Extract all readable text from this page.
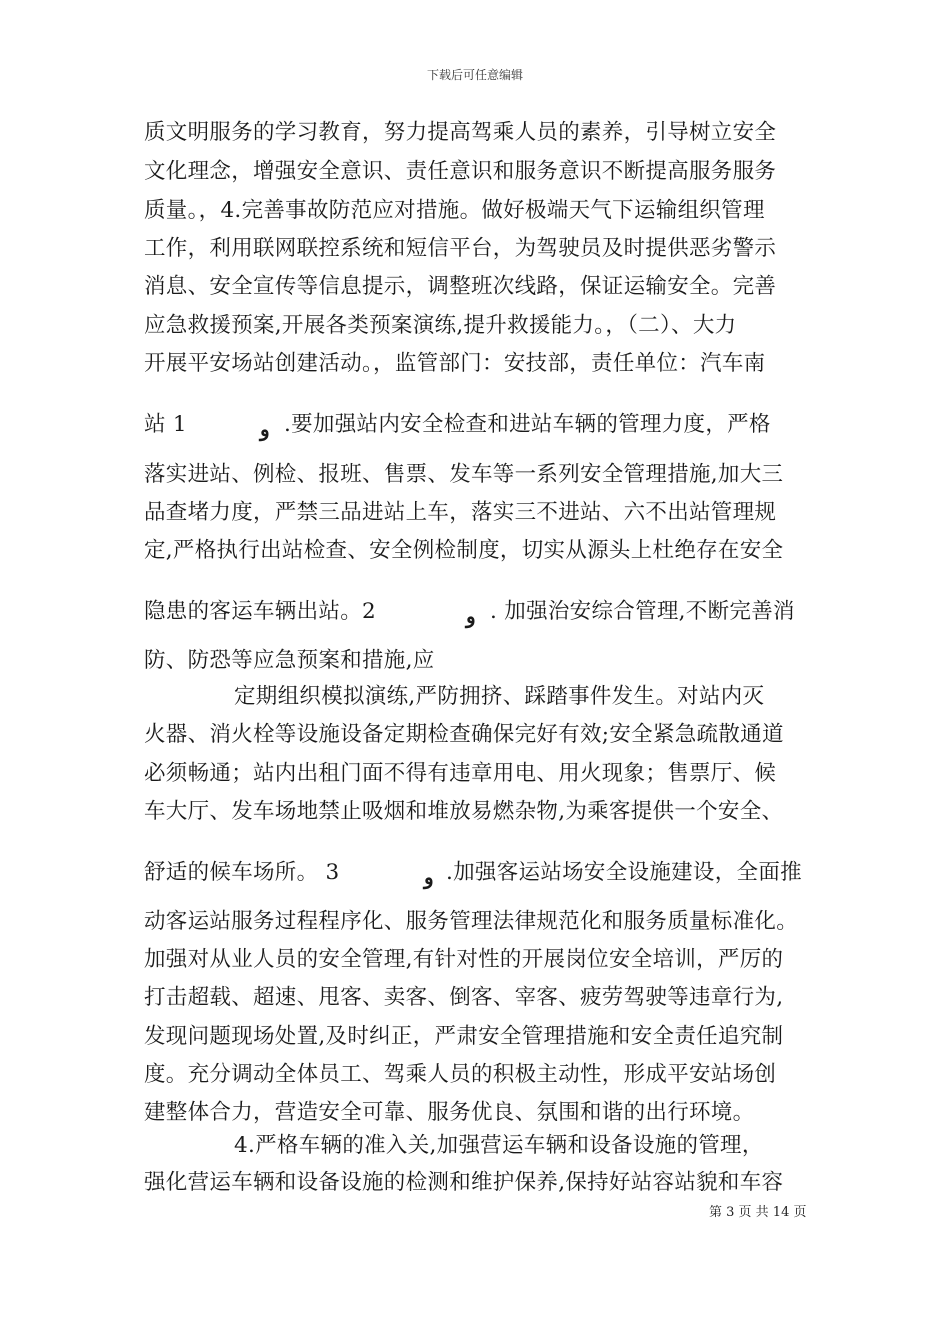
下载后可任意编辑
质文明服务的学习教育，努力提高驾乘人员的素养，引导树立安全
文化理念，增强安全意识、责任意识和服务意识不断提高服务服务
质量。，4.完善事故防范应对措施。做好极端天气下运输组织管理
工作，利用联网联控系统和短信平台，为驾驶员及时提供恶劣警示
消息、安全宣传等信息提示，调整班次线路，保证运输安全。完善
应急救援预案,开展各类预案演练,提升救援能力。，（二）、大力
开展平安场站创建活动。，监管部门：安技部，责任单位：汽车南
站 1	و .要加强站内安全检查和进站车辆的管理力度，严格
落实进站、例检、报班、售票、发车等一系列安全管理措施,加大三
品查堵力度，严禁三品进站上车，落实三不进站、六不出站管理规
定,严格执行出站检查、安全例检制度，切实从源头上杜绝存在安全
隐患的客运车辆出站。2	و . 加强治安综合管理,不断完善消
防、防恐等应急预案和措施,应
定期组织模拟演练,严防拥挤、踩踏事件发生。对站内灭
火器、消火栓等设施设备定期检查确保完好有效;安全紧急疏散通道
必须畅通；站内出租门面不得有违章用电、用火现象；售票厅、候
车大厅、发车场地禁止吸烟和堆放易燃杂物,为乘客提供一个安全、
舒适的候车场所。 3	و .加强客运站场安全设施建设，全面推
动客运站服务过程程序化、服务管理法律规范化和服务质量标准化。
加强对从业人员的安全管理,有针对性的开展岗位安全培训，严厉的
打击超载、超速、甩客、卖客、倒客、宰客、疲劳驾驶等违章行为,
发现问题现场处置,及时纠正，严肃安全管理措施和安全责任追究制
度。充分调动全体员工、驾乘人员的积极主动性，形成平安站场创
建整体合力，营造安全可靠、服务优良、氛围和谐的出行环境。
4.严格车辆的准入关,加强营运车辆和设备设施的管理，
强化营运车辆和设备设施的检测和维护保养,保持好站容站貌和车容
第 3 页 共 14 页
